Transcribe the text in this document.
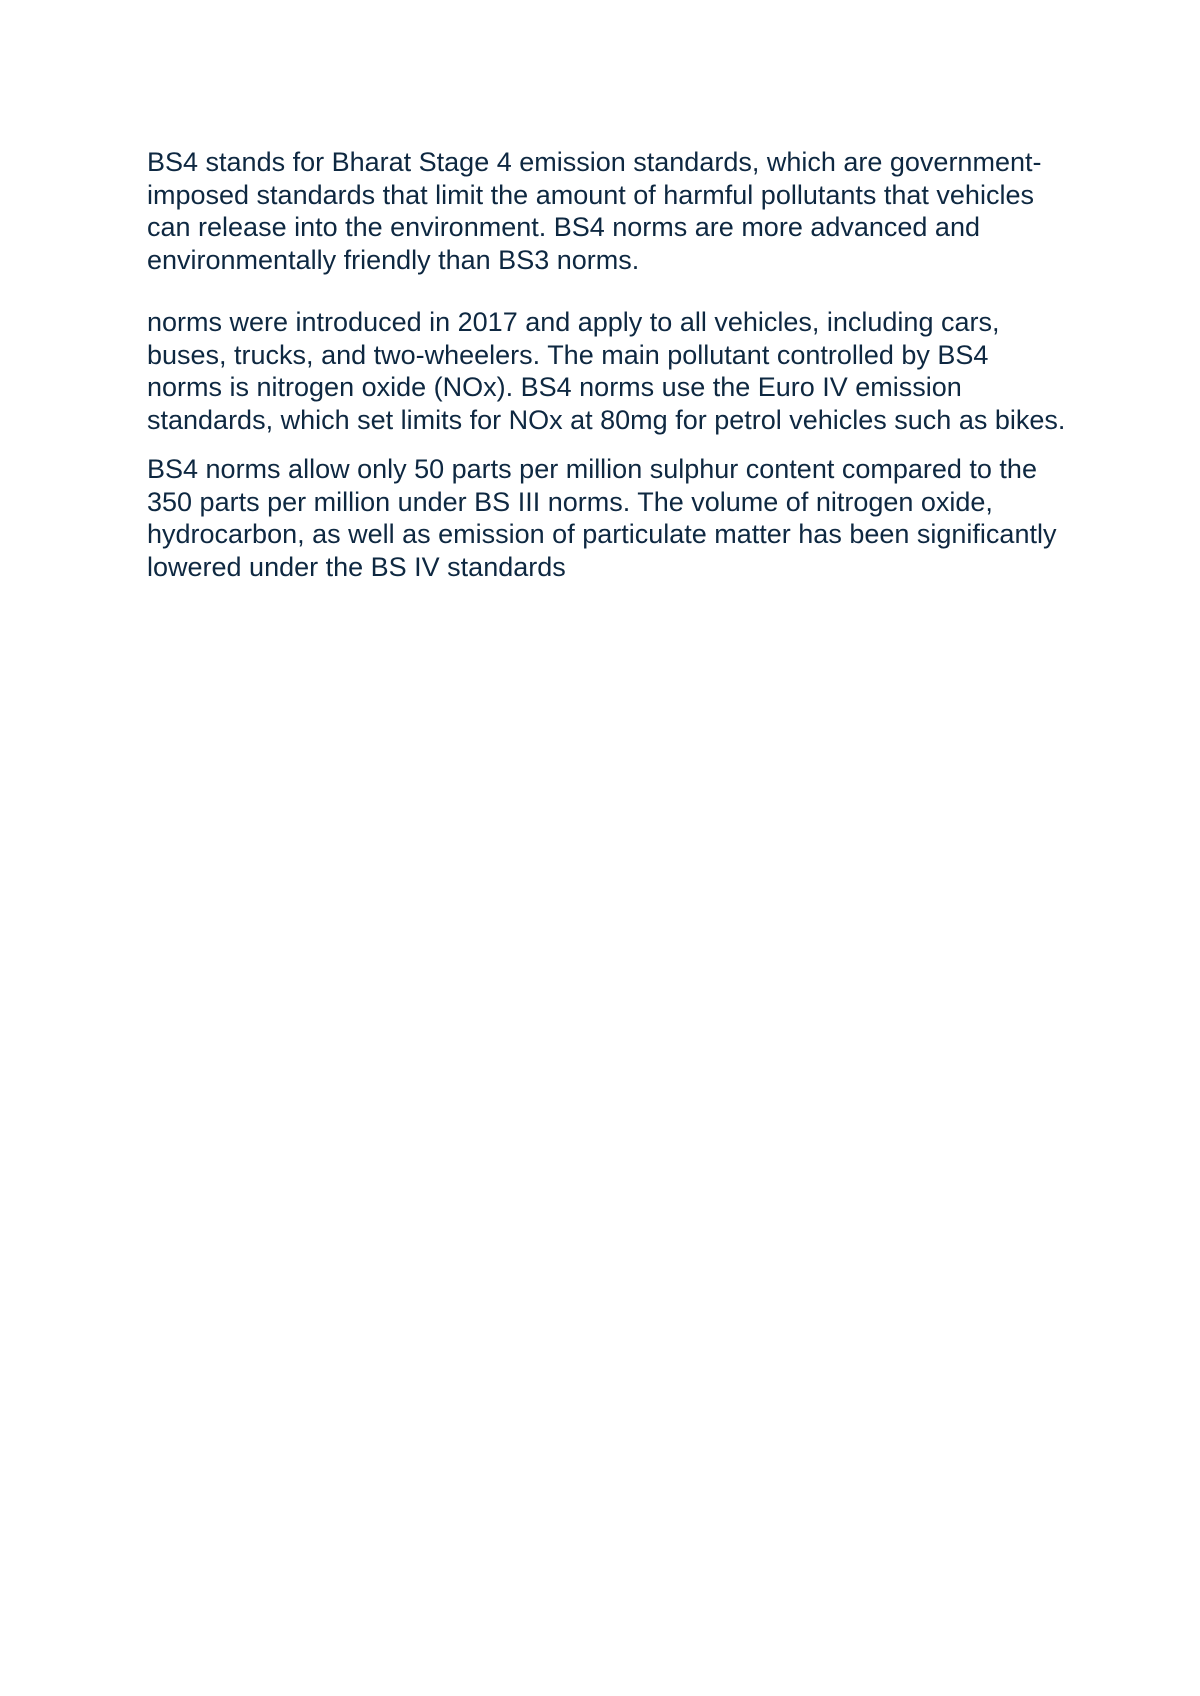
BS4 stands for Bharat Stage 4 emission standards, which are government-imposed standards that limit the amount of harmful pollutants that vehicles can release into the environment. BS4 norms are more advanced and environmentally friendly than BS3 norms.

norms were introduced in 2017 and apply to all vehicles, including cars, buses, trucks, and two-wheelers. The main pollutant controlled by BS4 norms is nitrogen oxide (NOx). BS4 norms use the Euro IV emission standards, which set limits for NOx at 80mg for petrol vehicles such as bikes.

BS4 norms allow only 50 parts per million sulphur content compared to the 350 parts per million under BS III norms. The volume of nitrogen oxide, hydrocarbon, as well as emission of particulate matter has been significantly lowered under the BS IV standards
